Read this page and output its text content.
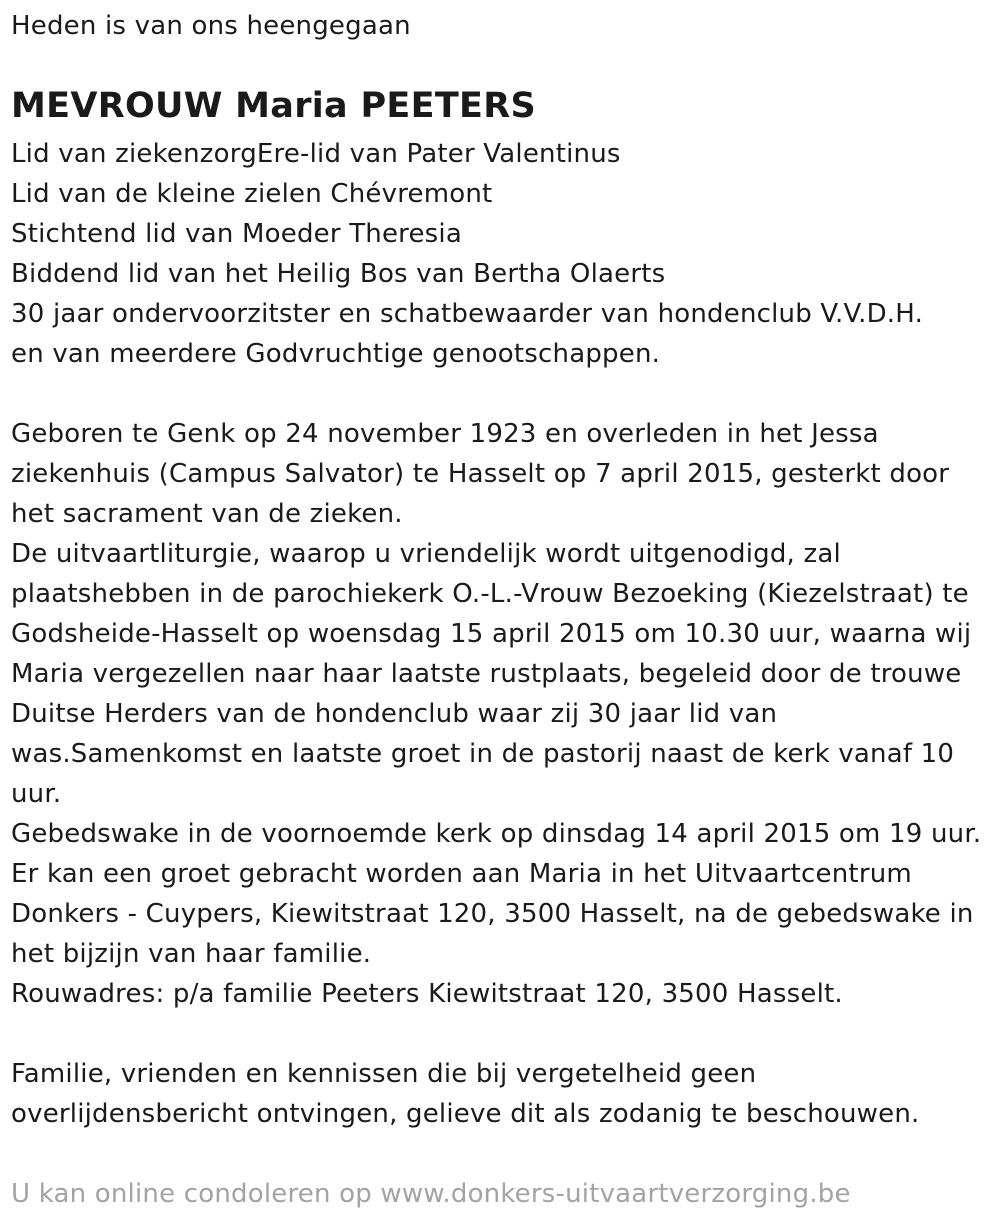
Heden is van ons heengegaan
MEVROUW Maria PEETERS
Lid van ziekenzorgEre-lid van Pater Valentinus
Lid van de kleine zielen Chévremont
Stichtend lid van Moeder Theresia
Biddend lid van het Heilig Bos van Bertha Olaerts
30 jaar ondervoorzitster en schatbewaarder van hondenclub V.V.D.H.
en van meerdere Godvruchtige genootschappen.
Geboren te Genk op 24 november 1923 en overleden in het Jessa
ziekenhuis (Campus Salvator) te Hasselt op 7 april 2015, gesterkt door
het sacrament van de zieken.
De uitvaartliturgie, waarop u vriendelijk wordt uitgenodigd, zal
plaatshebben in de parochiekerk O.-L.-Vrouw Bezoeking (Kiezelstraat) te
Godsheide-Hasselt op woensdag 15 april 2015 om 10.30 uur, waarna wij
Maria vergezellen naar haar laatste rustplaats, begeleid door de trouwe
Duitse Herders van de hondenclub waar zij 30 jaar lid van
was.Samenkomst en laatste groet in de pastorij naast de kerk vanaf 10
uur.
Gebedswake in de voornoemde kerk op dinsdag 14 april 2015 om 19 uur.
Er kan een groet gebracht worden aan Maria in het Uitvaartcentrum
Donkers - Cuypers, Kiewitstraat 120, 3500 Hasselt, na de gebedswake in
het bijzijn van haar familie.
Rouwadres: p/a familie Peeters Kiewitstraat 120, 3500 Hasselt.
Familie, vrienden en kennissen die bij vergetelheid geen
overlijdensbericht ontvingen, gelieve dit als zodanig te beschouwen.
U kan online condoleren op www.donkers-uitvaartverzorging.be
